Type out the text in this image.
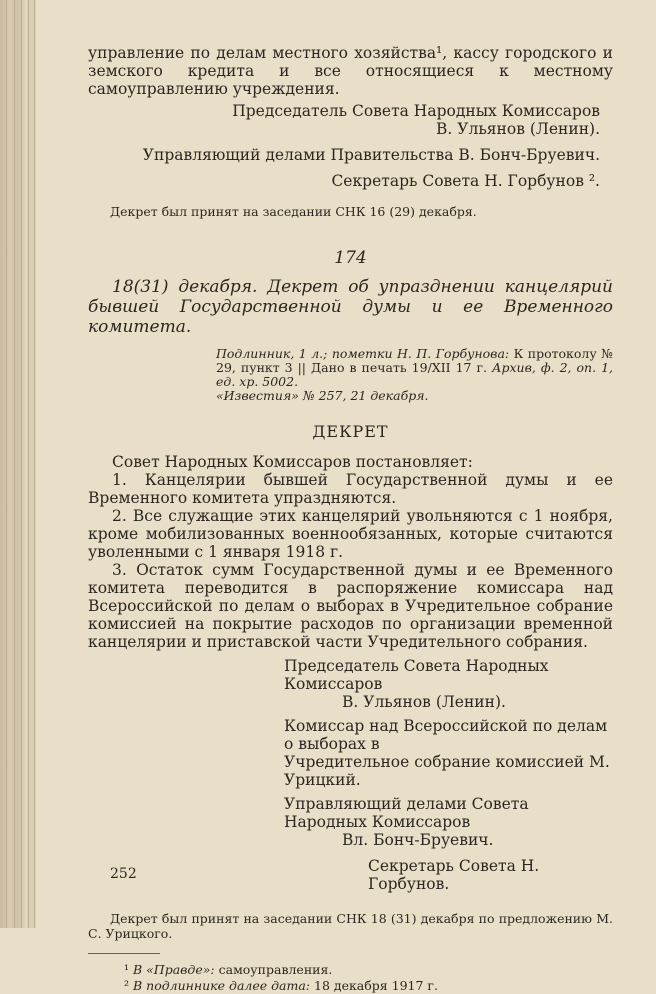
управление по делам местного хозяйства¹, кассу городского и земского кредита и все относящиеся к местному самоуправлению учреждения.

Председатель Совета Народных Комиссаров

В. Ульянов (Ленин).

Управляющий делами Правительства В. Бонч-Бруевич.

Секретарь Совета Н. Горбунов ².

Декрет был принят на заседании СНК 16 (29) декабря.

174

18(31) декабря. Декрет об упразднении канцелярий бывшей Государственной думы и ее Временного комитета.

Подлинник, 1 л.; пометки Н. П. Горбунова: К протоколу № 29, пункт 3 || Дано в печать 19/XII 17 г. Архив, ф. 2, оп. 1, ед. хр. 5002.
«Известия» № 257, 21 декабря.

ДЕКРЕТ

Совет Народных Комиссаров постановляет:

1. Канцелярии бывшей Государственной думы и ее Временного комитета упраздняются.

2. Все служащие этих канцелярий увольняются с 1 ноября, кроме мобилизованных военнообязанных, которые считаются уволенными с 1 января 1918 г.

3. Остаток сумм Государственной думы и ее Временного комитета переводится в распоряжение комиссара над Всероссийской по делам о выборах в Учредительное собрание комиссией на покрытие расходов по организации временной канцелярии и приставской части Учредительного собрания.

Председатель Совета Народных Комиссаров

В. Ульянов (Ленин).

Комиссар над Всероссийской по делам о выборах в

Учредительное собрание комиссией М. Урицкий.

Управляющий делами Совета Народных Комиссаров

Вл. Бонч-Бруевич.

Секретарь Совета Н. Горбунов.

Декрет был принят на заседании СНК 18 (31) декабря по предложению М. С. Урицкого.

¹ В «Правде»: самоуправления.

² В подлиннике далее дата: 18 декабря 1917 г.

252
